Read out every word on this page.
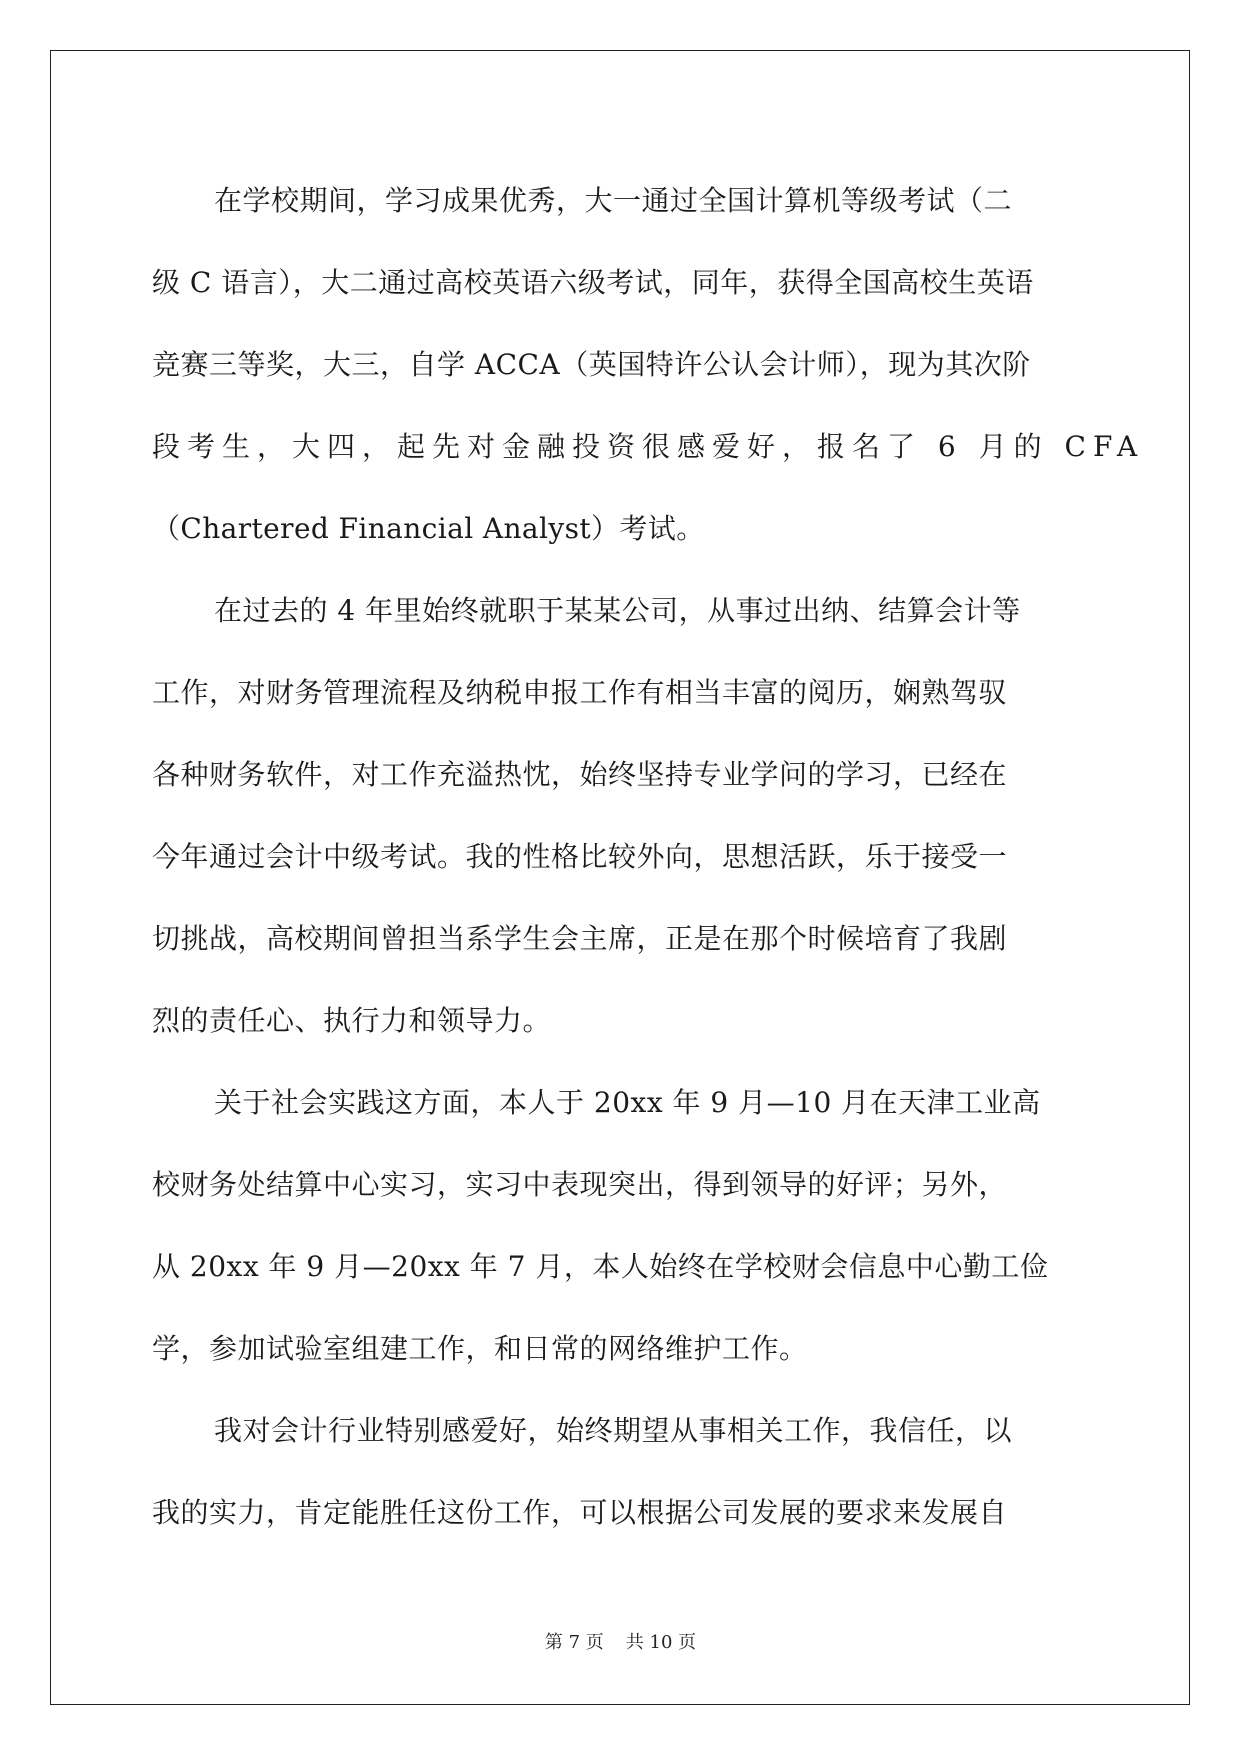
在学校期间，学习成果优秀，大一通过全国计算机等级考试（二
级 C 语言），大二通过高校英语六级考试，同年，获得全国高校生英语
竞赛三等奖，大三，自学 ACCA（英国特许公认会计师），现为其次阶
段考生，大四，起先对金融投资很感爱好，报名了 6 月的 CFA
（Chartered Financial Analyst）考试。
在过去的 4 年里始终就职于某某公司，从事过出纳、结算会计等
工作，对财务管理流程及纳税申报工作有相当丰富的阅历，娴熟驾驭
各种财务软件，对工作充溢热忱，始终坚持专业学问的学习，已经在
今年通过会计中级考试。我的性格比较外向，思想活跃，乐于接受一
切挑战，高校期间曾担当系学生会主席，正是在那个时候培育了我剧
烈的责任心、执行力和领导力。
关于社会实践这方面，本人于 20xx 年 9 月—10 月在天津工业高
校财务处结算中心实习，实习中表现突出，得到领导的好评；另外，
从 20xx 年 9 月—20xx 年 7 月，本人始终在学校财会信息中心勤工俭
学，参加试验室组建工作，和日常的网络维护工作。
我对会计行业特别感爱好，始终期望从事相关工作，我信任，以
我的实力，肯定能胜任这份工作，可以根据公司发展的要求来发展自
第 7 页 共 10 页
